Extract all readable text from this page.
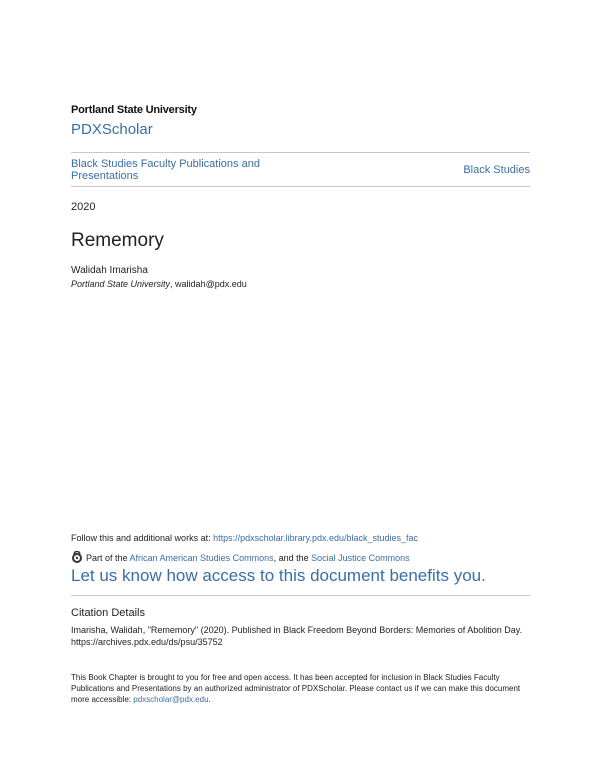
Portland State University
PDXScholar
Black Studies Faculty Publications and Presentations	Black Studies
2020
Rememory
Walidah Imarisha
Portland State University, walidah@pdx.edu
Follow this and additional works at: https://pdxscholar.library.pdx.edu/black_studies_fac
Part of the African American Studies Commons, and the Social Justice Commons
Let us know how access to this document benefits you.
Citation Details
Imarisha, Walidah, "Rememory" (2020). Published in Black Freedom Beyond Borders: Memories of Abolition Day. https://archives.pdx.edu/ds/psu/35752
This Book Chapter is brought to you for free and open access. It has been accepted for inclusion in Black Studies Faculty Publications and Presentations by an authorized administrator of PDXScholar. Please contact us if we can make this document more accessible: pdxscholar@pdx.edu.
